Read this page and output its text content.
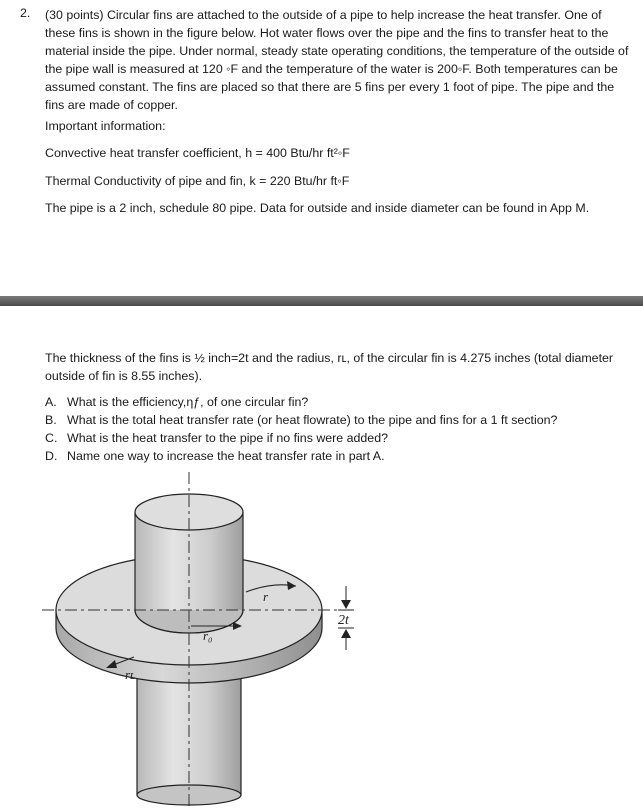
2. (30 points) Circular fins are attached to the outside of a pipe to help increase the heat transfer. One of these fins is shown in the figure below. Hot water flows over the pipe and the fins to transfer heat to the material inside the pipe. Under normal, steady state operating conditions, the temperature of the outside of the pipe wall is measured at 120 ◦F and the temperature of the water is 200◦F. Both temperatures can be assumed constant. The fins are placed so that there are 5 fins per every 1 foot of pipe. The pipe and the fins are made of copper.
Important information:
Convective heat transfer coefficient, h = 400 Btu/hr ft²◦F
Thermal Conductivity of pipe and fin, k = 220 Btu/hr ft◦F
The pipe is a 2 inch, schedule 80 pipe. Data for outside and inside diameter can be found in App M.
The thickness of the fins is ½ inch=2t and the radius, rʟ, of the circular fin is 4.275 inches (total diameter outside of fin is 8.55 inches).
A. What is the efficiency,ηƒ, of one circular fin?
B. What is the total heat transfer rate (or heat flowrate) to the pipe and fins for a 1 ft section?
C. What is the heat transfer to the pipe if no fins were added?
D. Name one way to increase the heat transfer rate in part A.
r
r₀
rʟ
2t
